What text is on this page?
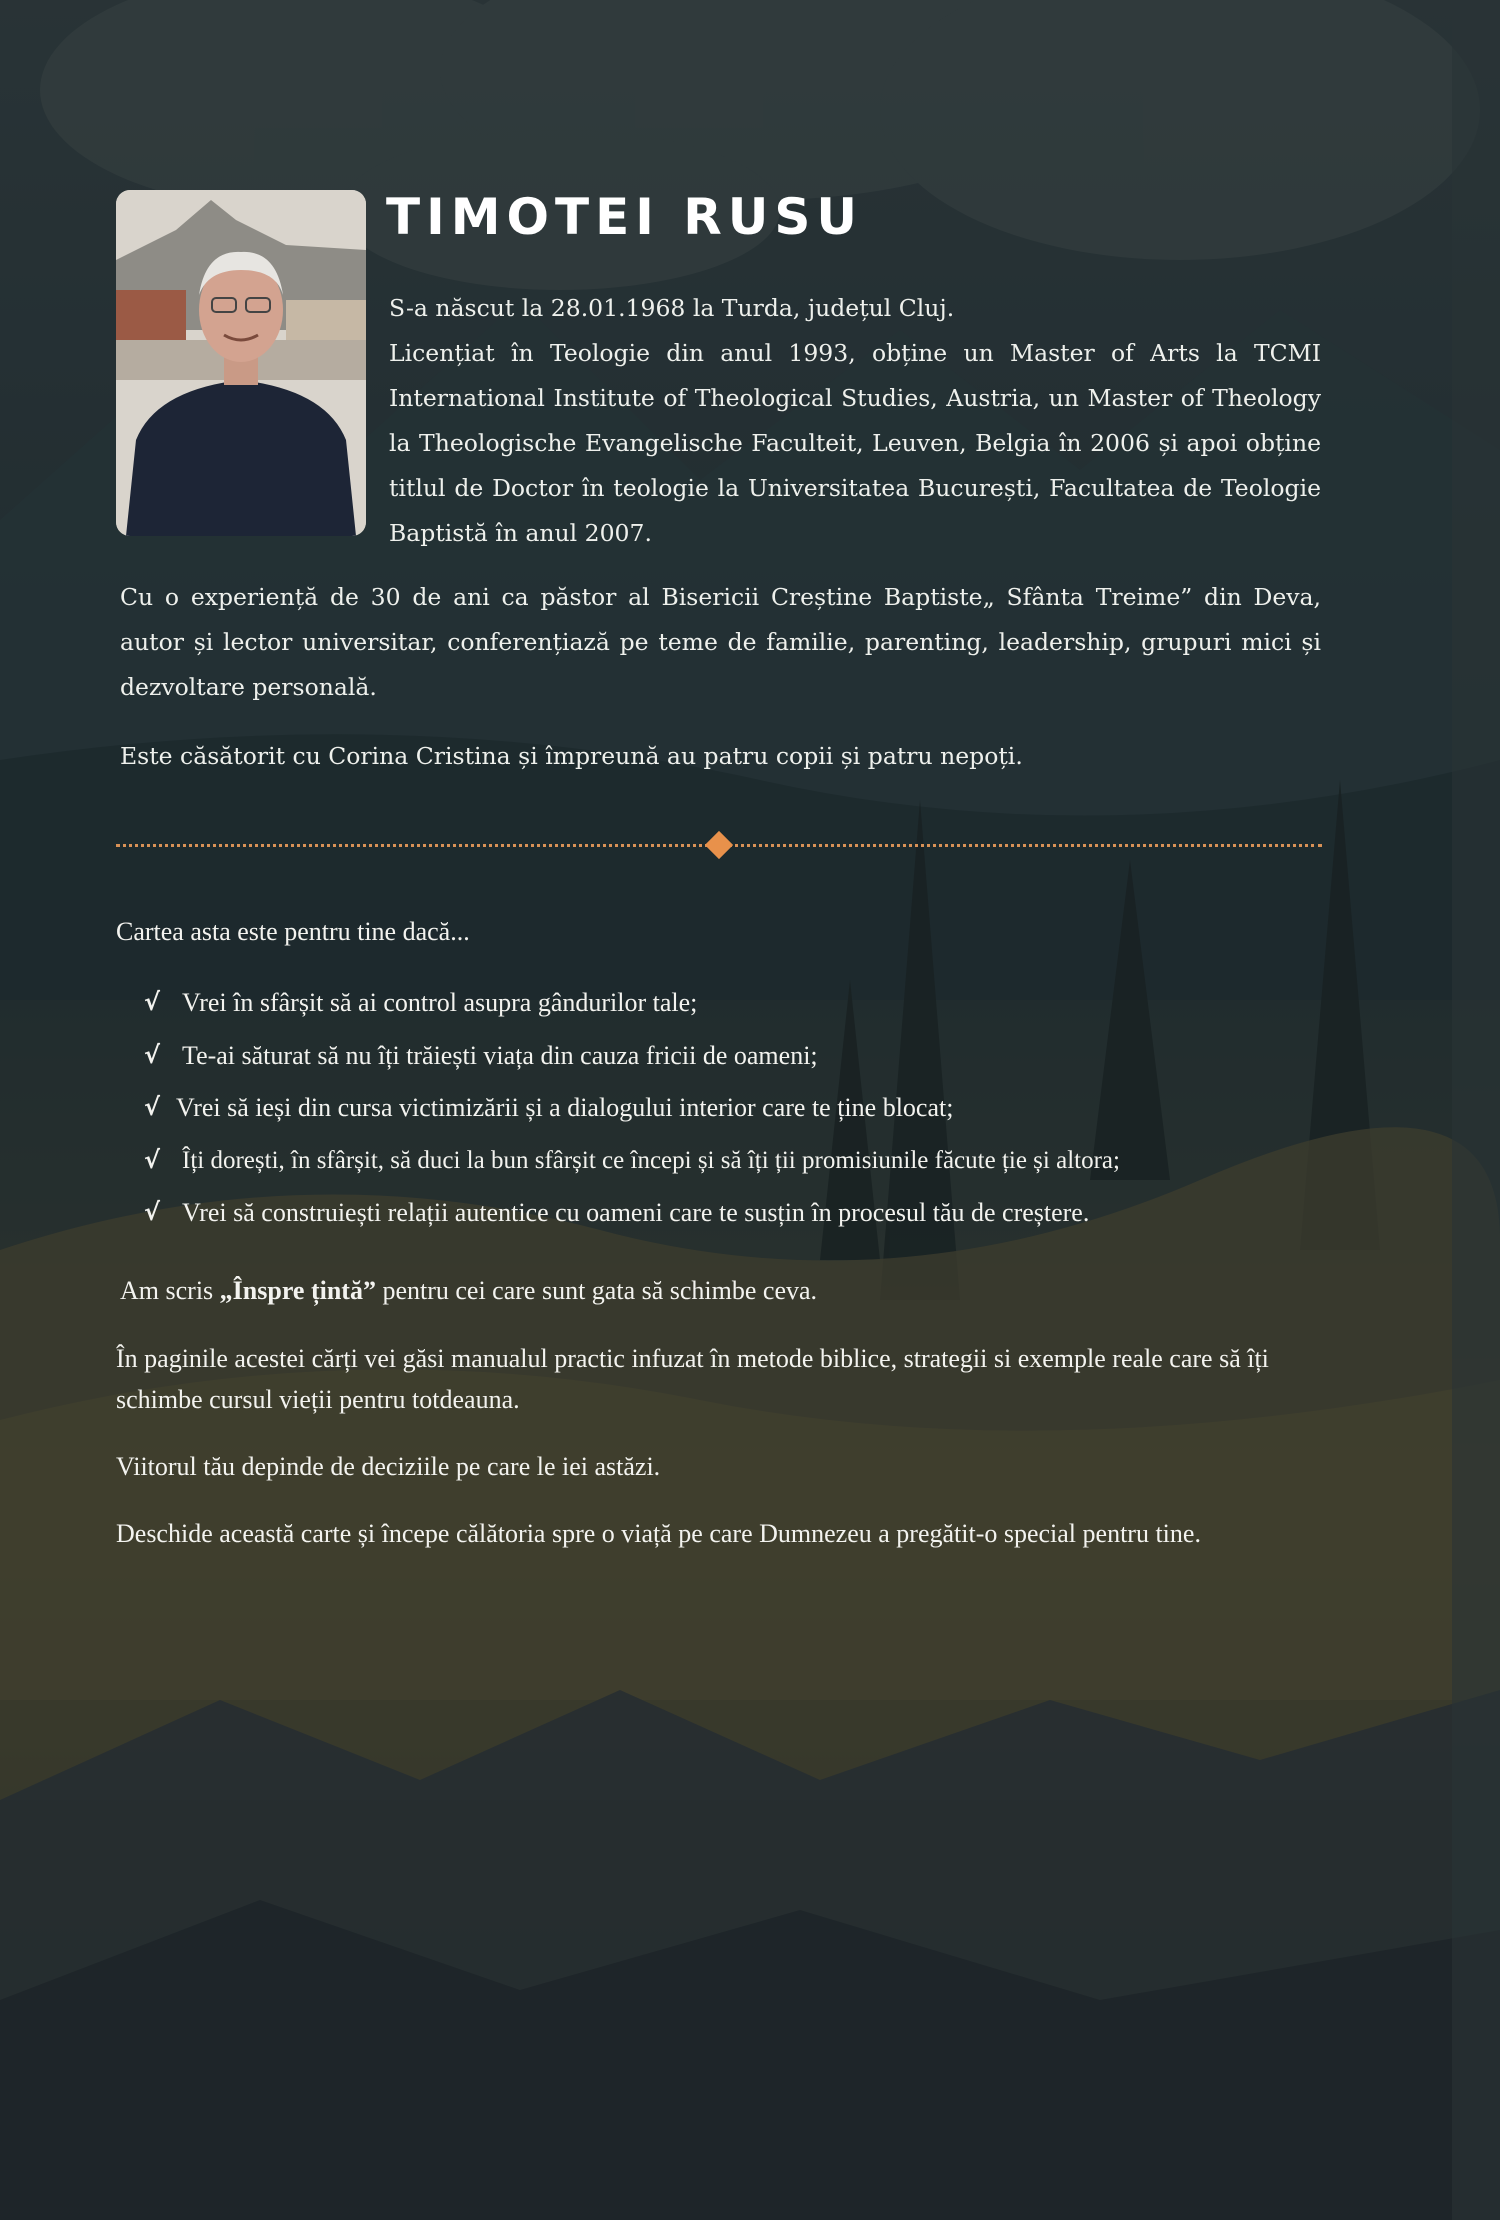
TIMOTEI RUSU

S-a născut la 28.01.1968 la Turda, județul Cluj.

Licențiat în Teologie din anul 1993, obține un Master of Arts la TCMI International Institute of Theological Studies, Austria, un Master of Theology la Theologische Evangelische Faculteit, Leuven, Belgia în 2006 și apoi obține titlul de Doctor în teologie la Universitatea București, Facultatea de Teologie Baptistă în anul 2007.

Cu o experiență de 30 de ani ca păstor al Bisericii Creștine Baptiste„ Sfânta Treime” din Deva, autor și lector universitar, conferențiază pe teme de familie, parenting, leadership, grupuri mici și dezvoltare personală.

Este căsătorit cu Corina Cristina și împreună au patru copii și patru nepoți.

Cartea asta este pentru tine dacă...

√ Vrei în sfârșit să ai control asupra gândurilor tale;
√ Te-ai săturat să nu îți trăiești viața din cauza fricii de oameni;
√ Vrei să ieși din cursa victimizării și a dialogului interior care te ține blocat;
√ Îți dorești, în sfârșit, să duci la bun sfârșit ce începi și să îți ții promisiunile făcute ție și altora;
√ Vrei să construiești relații autentice cu oameni care te susțin în procesul tău de creștere.

Am scris „Înspre țintă” pentru cei care sunt gata să schimbe ceva.

În paginile acestei cărți vei găsi manualul practic infuzat în metode biblice, strategii si exemple reale care să îți schimbe cursul vieții pentru totdeauna.

Viitorul tău depinde de deciziile pe care le iei astăzi.

Deschide această carte și începe călătoria spre o viață pe care Dumnezeu a pregătit-o special pentru tine.
